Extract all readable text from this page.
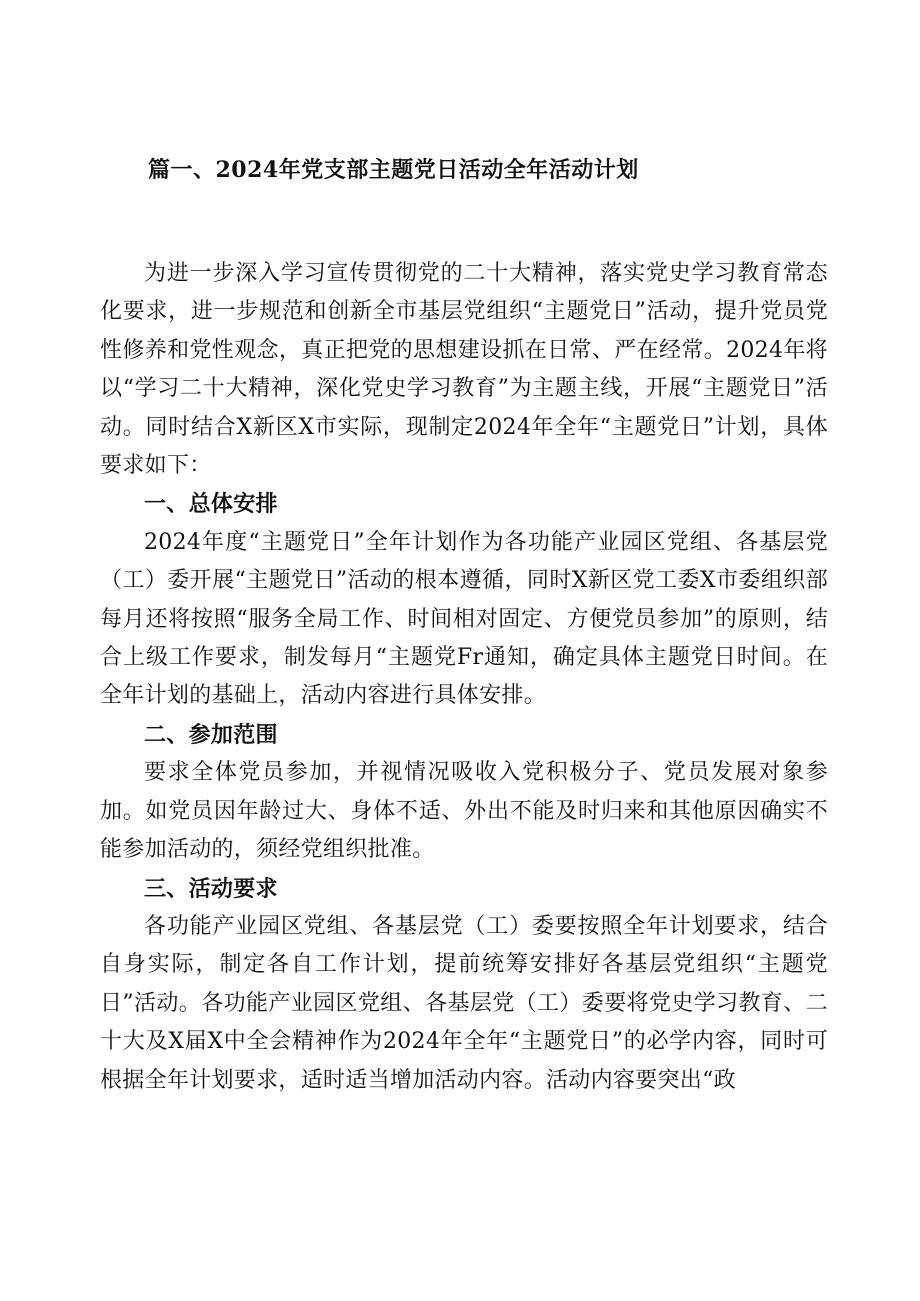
篇一、2024年党支部主题党日活动全年活动计划

为进一步深入学习宣传贯彻党的二十大精神，落实党史学习教育常态化要求，进一步规范和创新全市基层党组织“主题党日”活动，提升党员党性修养和党性观念，真正把党的思想建设抓在日常、严在经常。2024年将以“学习二十大精神，深化党史学习教育”为主题主线，开展“主题党日”活动。同时结合X新区X市实际，现制定2024年全年“主题党日”计划，具体要求如下：

一、总体安排

2024年度“主题党日”全年计划作为各功能产业园区党组、各基层党（工）委开展“主题党日”活动的根本遵循，同时X新区党工委X市委组织部每月还将按照“服务全局工作、时间相对固定、方便党员参加”的原则，结合上级工作要求，制发每月“主题党Fr通知，确定具体主题党日时间。在全年计划的基础上，活动内容进行具体安排。

二、参加范围

要求全体党员参加，并视情况吸收入党积极分子、党员发展对象参加。如党员因年龄过大、身体不适、外出不能及时归来和其他原因确实不能参加活动的，须经党组织批准。

三、活动要求

各功能产业园区党组、各基层党（工）委要按照全年计划要求，结合自身实际，制定各自工作计划，提前统筹安排好各基层党组织“主题党日”活动。各功能产业园区党组、各基层党（工）委要将党史学习教育、二十大及X届X中全会精神作为2024年全年“主题党日”的必学内容，同时可根据全年计划要求，适时适当增加活动内容。活动内容要突出“政
